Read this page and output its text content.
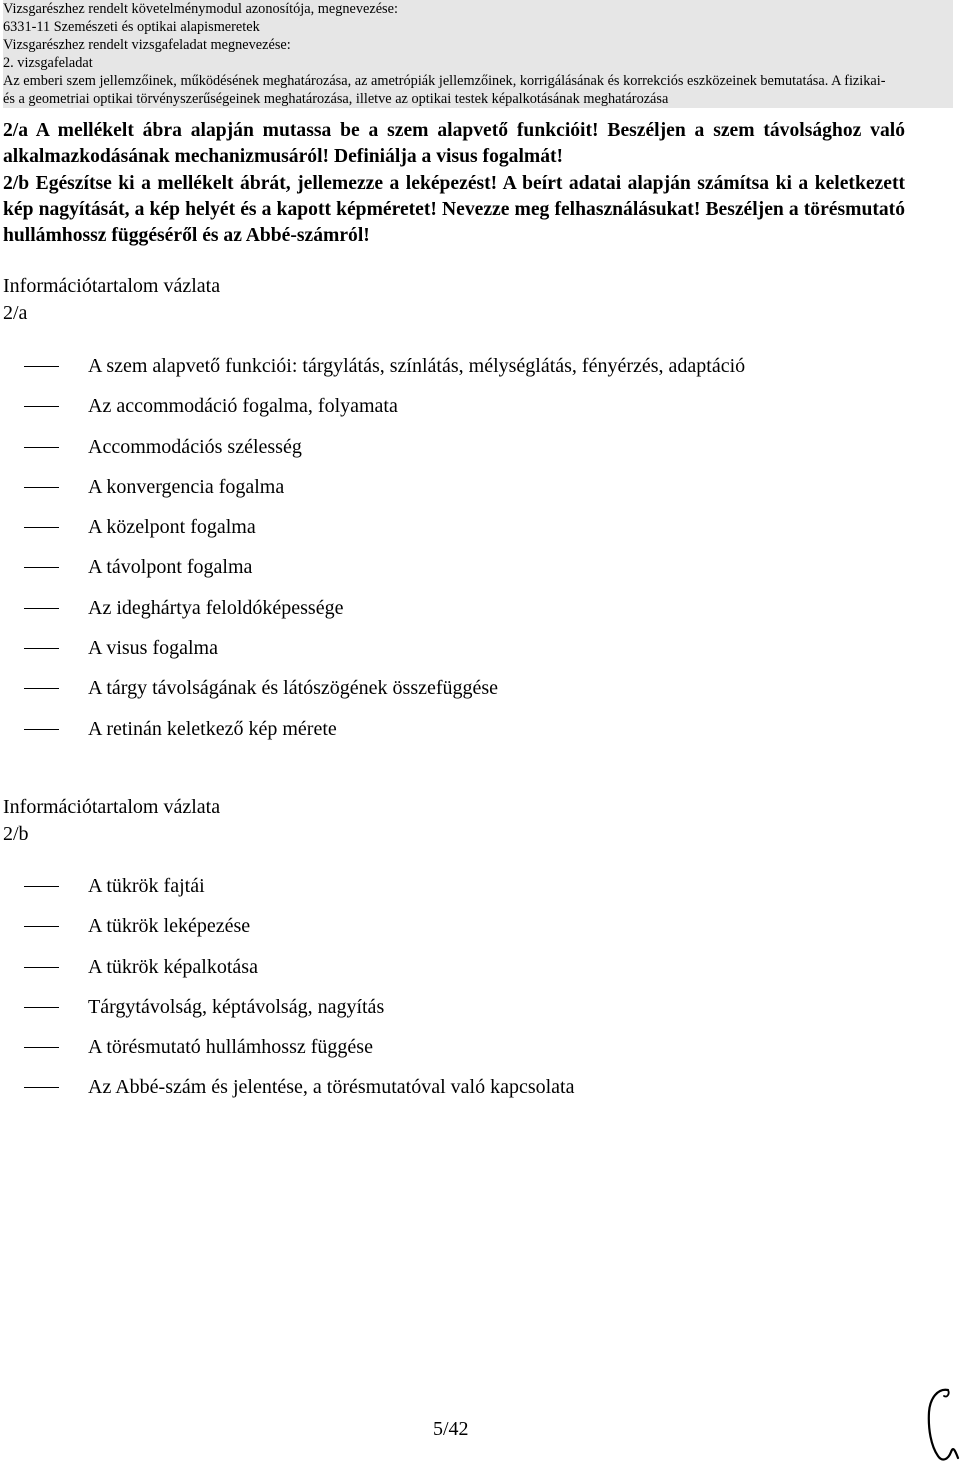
Vizsgarészhez rendelt követelménymodul azonosítója, megnevezése:
6331-11 Szemészeti és optikai alapismeretek
Vizsgarészhez rendelt vizsgafeladat megnevezése:
2. vizsgafeladat
Az emberi szem jellemzőinek, működésének meghatározása, az ametrópiák jellemzőinek, korrigálásának és korrekciós eszközeinek bemutatása. A fizikai- és a geometriai optikai törvényszerűségeinek meghatározása, illetve az optikai testek képalkotásának meghatározása

2/a A mellékelt ábra alapján mutassa be a szem alapvető funkcióit! Beszéljen a szem távolsághoz való alkalmazkodásának mechanizmusáról! Definiálja a visus fogalmát!

2/b Egészítse ki a mellékelt ábrát, jellemezze a leképezést! A beírt adatai alapján számítsa ki a keletkezett kép nagyítását, a kép helyét és a kapott képméretet! Nevezze meg felhasználásukat! Beszéljen a törésmutató hullámhossz függéséről és az Abbé-számról!

Információtartalom vázlata
2/a
A szem alapvető funkciói: tárgylátás, színlátás, mélységlátás, fényérzés, adaptáció
Az accommodáció fogalma, folyamata
Accommodációs szélesség
A konvergencia fogalma
A közelpont fogalma
A távolpont fogalma
Az ideghártya feloldóképessége
A visus fogalma
A tárgy távolságának és látószögének összefüggése
A retinán keletkező kép mérete
Információtartalom vázlata
2/b
A tükrök fajtái
A tükrök leképezése
A tükrök képalkotása
Tárgytávolság, képtávolság, nagyítás
A törésmutató hullámhossz függése
Az Abbé-szám és jelentése, a törésmutatóval való kapcsolata
5/42
